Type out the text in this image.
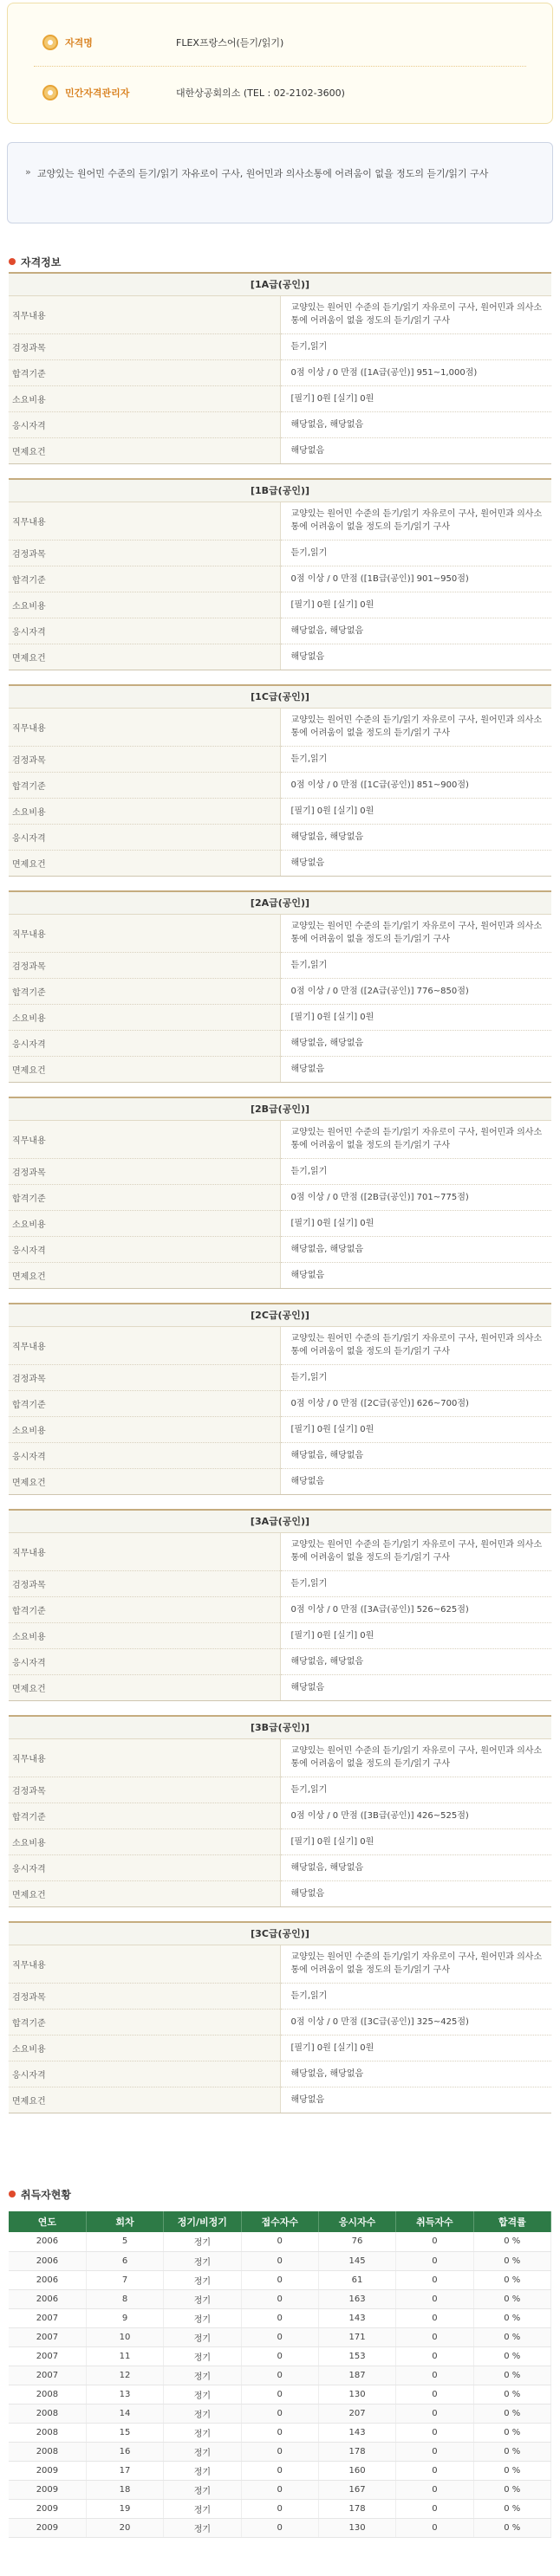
자격명	FLEX프랑스어(듣기/읽기)
민간자격관리자	대한상공회의소 (TEL : 02-2102-3600)
» 교양있는 원어민 수준의 듣기/읽기 자유로이 구사, 원어민과 의사소통에 어려움이 없을 정도의 듣기/읽기 구사
자격정보
[1A급(공인)]	
직무내용	교양있는 원어민 수준의 듣기/읽기 자유로이 구사, 원어민과 의사소통에 어려움이 없을 정도의 듣기/읽기 구사
검정과목	듣기,읽기
합격기준	0점 이상 / 0 만점 ([1A급(공인)] 951~1,000점)
소요비용	[필기] 0원 [실기] 0원
응시자격	해당없음, 해당없음
면제요건	해당없음
[1B급(공인)]	
직무내용	교양있는 원어민 수준의 듣기/읽기 자유로이 구사, 원어민과 의사소통에 어려움이 없을 정도의 듣기/읽기 구사
검정과목	듣기,읽기
합격기준	0점 이상 / 0 만점 ([1B급(공인)] 901~950점)
소요비용	[필기] 0원 [실기] 0원
응시자격	해당없음, 해당없음
면제요건	해당없음
[1C급(공인)]	
직무내용	교양있는 원어민 수준의 듣기/읽기 자유로이 구사, 원어민과 의사소통에 어려움이 없을 정도의 듣기/읽기 구사
검정과목	듣기,읽기
합격기준	0점 이상 / 0 만점 ([1C급(공인)] 851~900점)
소요비용	[필기] 0원 [실기] 0원
응시자격	해당없음, 해당없음
면제요건	해당없음
[2A급(공인)]	
직무내용	교양있는 원어민 수준의 듣기/읽기 자유로이 구사, 원어민과 의사소통에 어려움이 없을 정도의 듣기/읽기 구사
검정과목	듣기,읽기
합격기준	0점 이상 / 0 만점 ([2A급(공인)] 776~850점)
소요비용	[필기] 0원 [실기] 0원
응시자격	해당없음, 해당없음
면제요건	해당없음
[2B급(공인)]	
직무내용	교양있는 원어민 수준의 듣기/읽기 자유로이 구사, 원어민과 의사소통에 어려움이 없을 정도의 듣기/읽기 구사
검정과목	듣기,읽기
합격기준	0점 이상 / 0 만점 ([2B급(공인)] 701~775점)
소요비용	[필기] 0원 [실기] 0원
응시자격	해당없음, 해당없음
면제요건	해당없음
[2C급(공인)]	
직무내용	교양있는 원어민 수준의 듣기/읽기 자유로이 구사, 원어민과 의사소통에 어려움이 없을 정도의 듣기/읽기 구사
검정과목	듣기,읽기
합격기준	0점 이상 / 0 만점 ([2C급(공인)] 626~700점)
소요비용	[필기] 0원 [실기] 0원
응시자격	해당없음, 해당없음
면제요건	해당없음
[3A급(공인)]	
직무내용	교양있는 원어민 수준의 듣기/읽기 자유로이 구사, 원어민과 의사소통에 어려움이 없을 정도의 듣기/읽기 구사
검정과목	듣기,읽기
합격기준	0점 이상 / 0 만점 ([3A급(공인)] 526~625점)
소요비용	[필기] 0원 [실기] 0원
응시자격	해당없음, 해당없음
면제요건	해당없음
[3B급(공인)]	
직무내용	교양있는 원어민 수준의 듣기/읽기 자유로이 구사, 원어민과 의사소통에 어려움이 없을 정도의 듣기/읽기 구사
검정과목	듣기,읽기
합격기준	0점 이상 / 0 만점 ([3B급(공인)] 426~525점)
소요비용	[필기] 0원 [실기] 0원
응시자격	해당없음, 해당없음
면제요건	해당없음
[3C급(공인)]	
직무내용	교양있는 원어민 수준의 듣기/읽기 자유로이 구사, 원어민과 의사소통에 어려움이 없을 정도의 듣기/읽기 구사
검정과목	듣기,읽기
합격기준	0점 이상 / 0 만점 ([3C급(공인)] 325~425점)
소요비용	[필기] 0원 [실기] 0원
응시자격	해당없음, 해당없음
면제요건	해당없음
취득자현황
연도	회차	정기/비정기	접수자수	응시자수	취득자수	합격률
2006	5	정기	0	76	0	0 %
2006	6	정기	0	145	0	0 %
2006	7	정기	0	61	0	0 %
2006	8	정기	0	163	0	0 %
2007	9	정기	0	143	0	0 %
2007	10	정기	0	171	0	0 %
2007	11	정기	0	153	0	0 %
2007	12	정기	0	187	0	0 %
2008	13	정기	0	130	0	0 %
2008	14	정기	0	207	0	0 %
2008	15	정기	0	143	0	0 %
2008	16	정기	0	178	0	0 %
2009	17	정기	0	160	0	0 %
2009	18	정기	0	167	0	0 %
2009	19	정기	0	178	0	0 %
2009	20	정기	0	130	0	0 %
